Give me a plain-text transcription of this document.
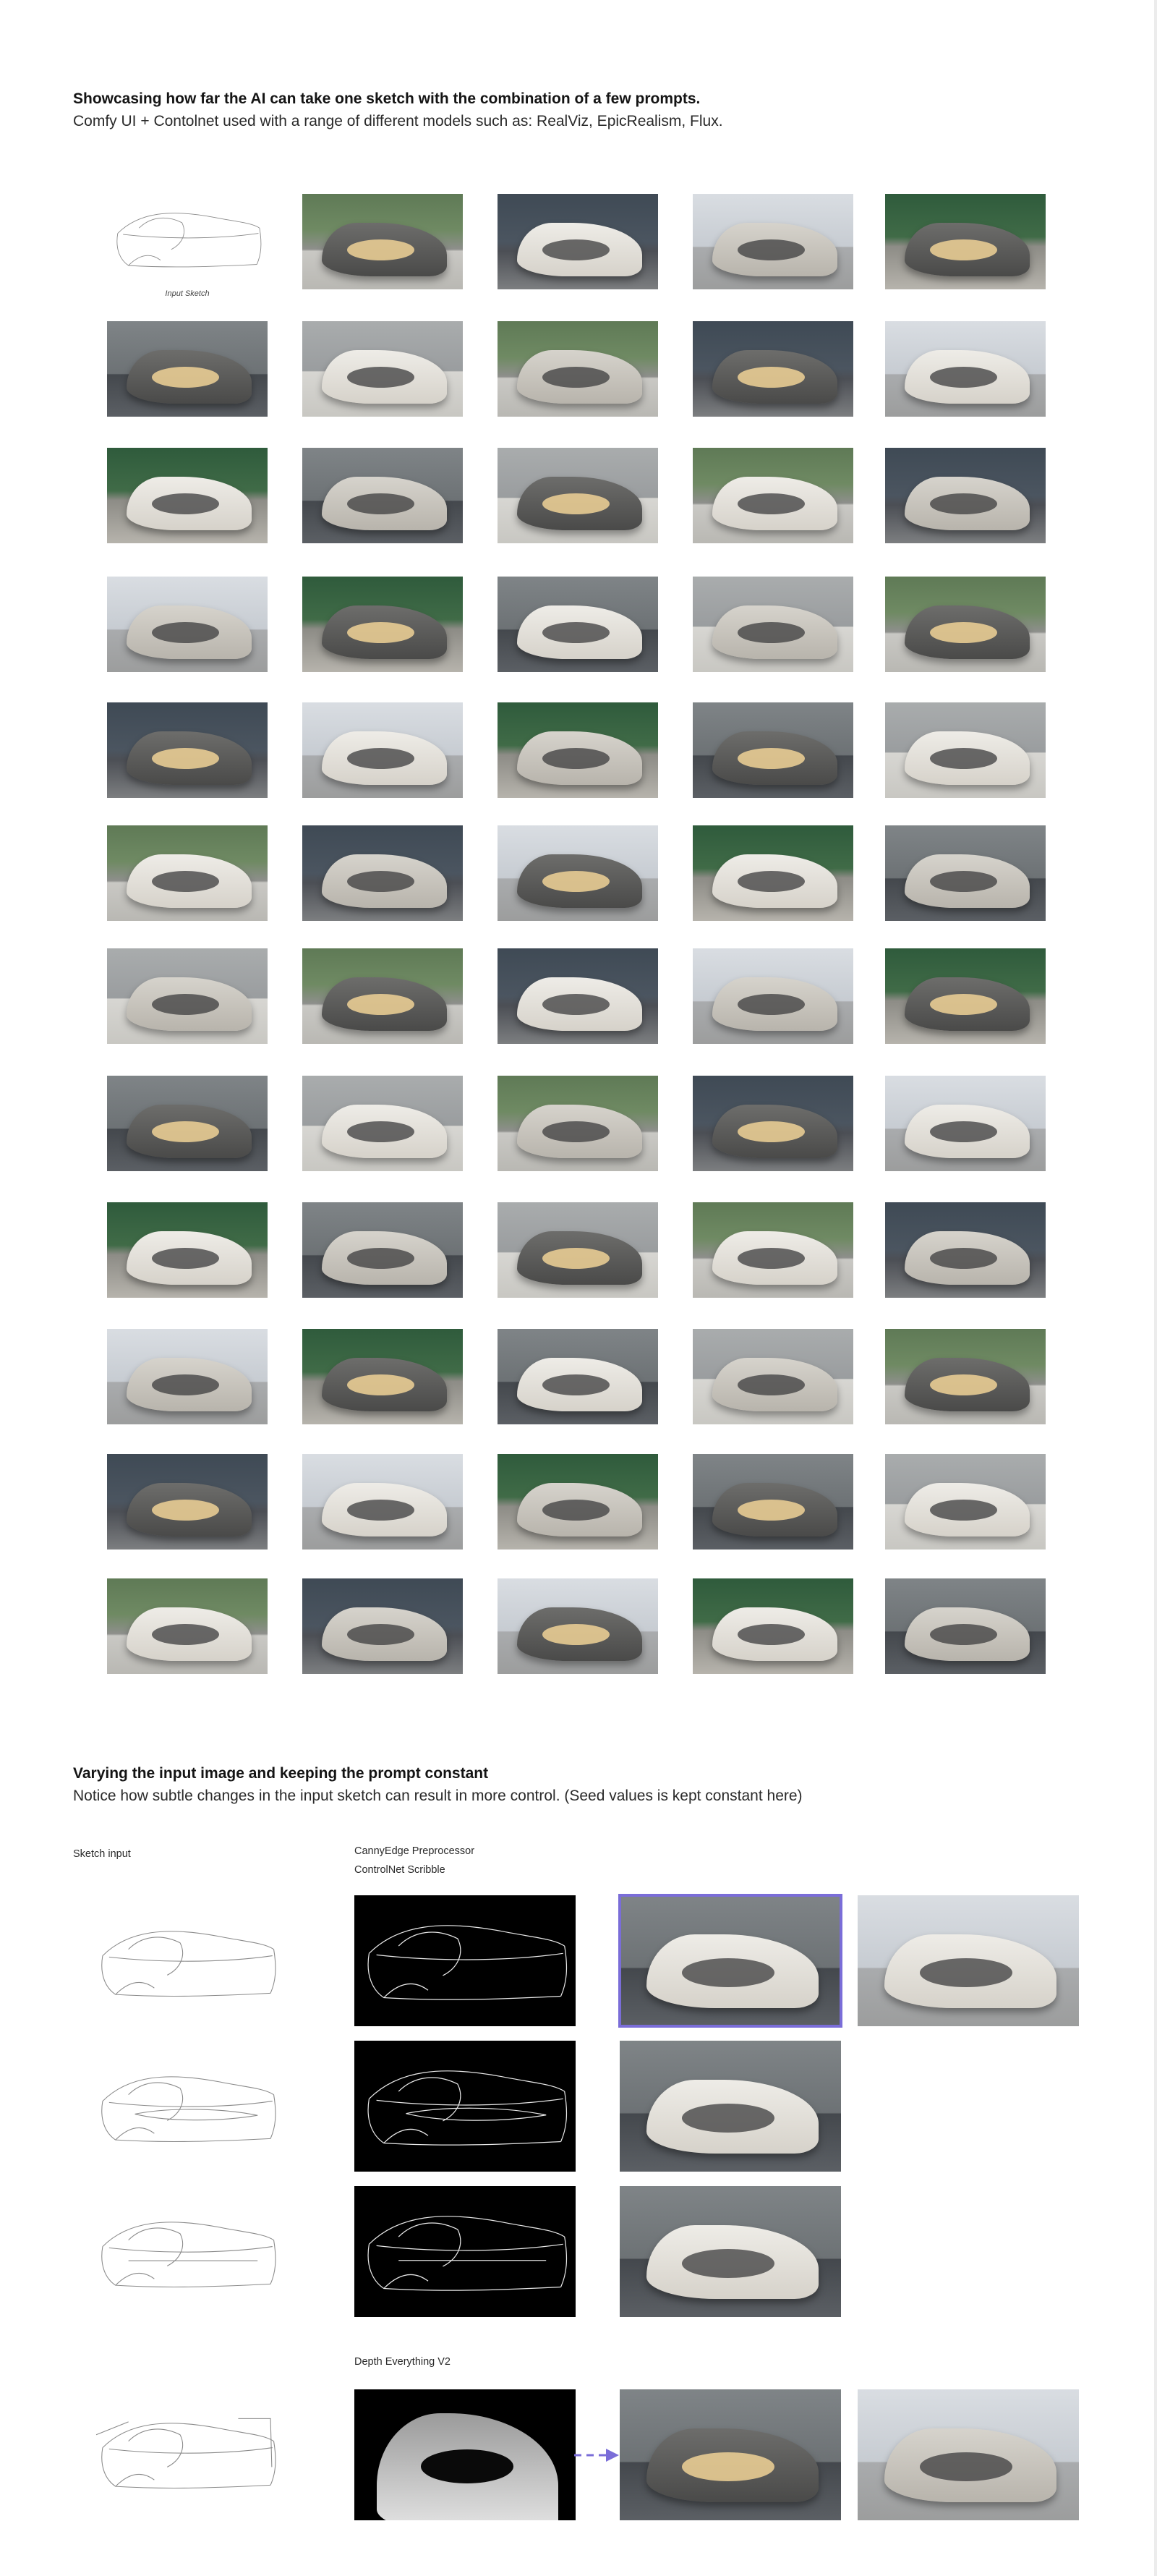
Showcasing how far the AI can take one sketch with the combination of a few prompts.
Comfy UI + Contolnet used with a range of different models such as: RealViz, EpicRealism, Flux.
Input Sketch
Varying the input image and keeping the prompt constant
Notice how subtle changes in the input sketch can result in more control. (Seed values is kept constant here)
Sketch input	CannyEdge Preprocessor
ControlNet Scribble
Depth Everything V2
